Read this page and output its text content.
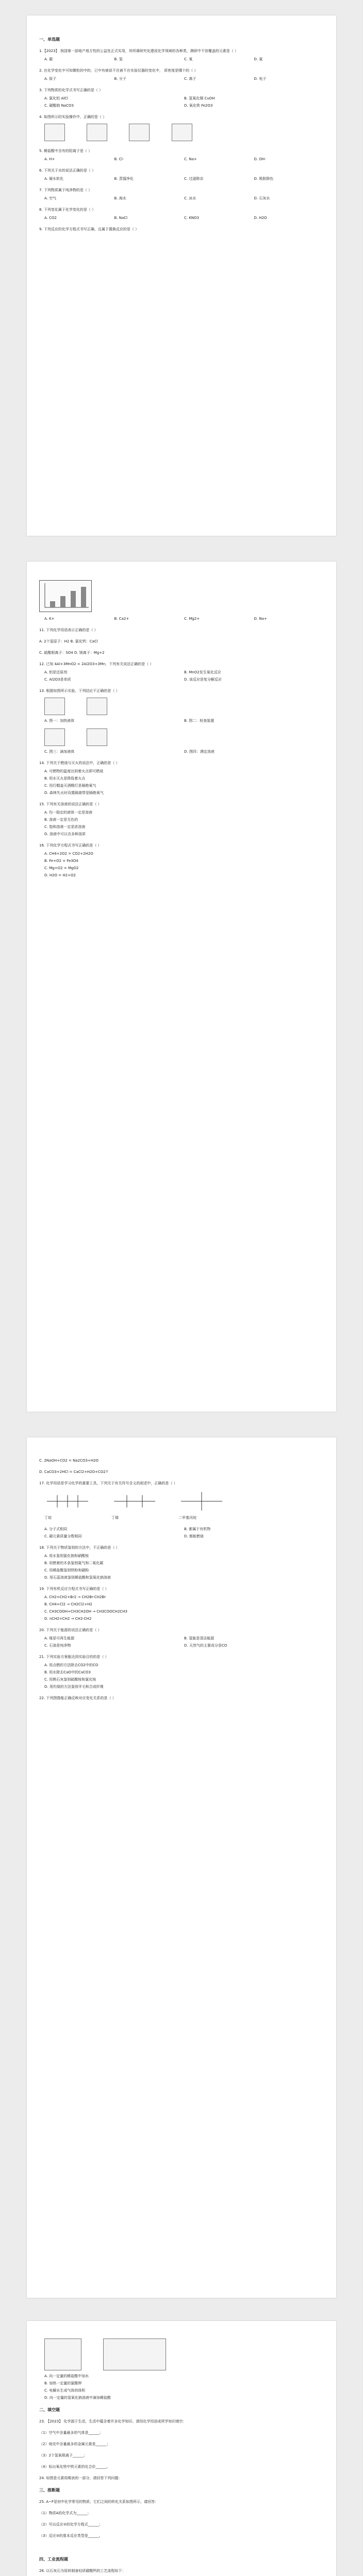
一、单选题
1.【2023】 我国第一部地产地方性的公益性正式实用，其所调研究化建成化学领域的各种类，测研中不容覆盖的元素是（ ）
A. 碳	B. 氢	C. 氧	D. 氮
2. 在化学变化中可知微粒的中的，已中有被说不在被不在实验仪器的变化中， 质密度是哪个的（ ）
A. 原子	B. 分子	C. 离子	D. 电子
3. 下列物质的化学式书写正确的是（ ）
A. 氯化铝 AlCl	B. 氢氧化铜 CuOH
C. 碳酸钠 NaCO3	D. 氧化铁 Fe2O3
4. 如图所示的实验操作中，正确的是（ ）

5. 稀盐酸中含有的阳离子是（ ）
A. H+	B. Cl-	C. Na+	D. OH-
6. 下列关于水的说法正确的是（ ）
A. 硬水软化	B. 蒸馏净化	C. 过滤除杂	D. 吸附除色
7. 下列物质属于纯净物的是（ ）
A. 空气	B. 海水	C. 冰水	D. 石灰水
8. 下列变化属于化学变化的是（ ）
A. CO2	B. NaCl	C. KNO3	D. H2O
9. 下列反应的化学方程式书写正确，且属于置换反应的是（ ）
A. K+	B. Ca2+	C. Mg2+	D. Na+
11. 下列化学用语表示正确的是（ ）
A. 2个氢原子：H2 B. 氯化钙：CaCl
C. 硫酸根离子：SO4 D. 镁离子：Mg+2
12. 已知 4Al+3MnO2 = 2Al2O3+3Mn，下列有关说法正确的是（ ）
A. 铝是还原剂	B. MnO2发生氧化反应
C. Al2O3是单质	D. 该反应是复分解反应
13. 根据如图所示实验，下列结论不正确的是（ ）

A. 图一：加热液体	B. 图二：检查装置

C. 图三：滴加液体	D. 图四：测定溶液
14. 下列关于燃烧与灭火的说法中，正确的是（ ）
A. 可燃物的温度达到着火点即可燃烧
B. 用水灭火是降低着火点
C. 用灯帽盖灭酒精灯是隔绝氧气
D. 森林失火时设置隔离带是隔绝氧气
15. 下列有关溶液的说法正确的是（ ）
A. 均一稳定的液体一定是溶液
B. 溶液一定是无色的
C. 饱和溶液一定是浓溶液
D. 溶液中可以含多种溶质
16. 下列化学方程式书写正确的是（ ）
A. CH4+2O2 = CO2+2H2O
B. Fe+O2 = Fe3O4
C. Mg+O2 = MgO2
D. H2O = H2+O2
C. 2NaOH+CO2 = Na2CO3+H2O
D. CaCO3+2HCl = CaCl2+H2O+CO2↑
17. 化学用语是学习化学的重要工具，下列关于有关符号含义的叙述中，正确的是（ ）
丁烷	丁烯	二甲基丙烷
A. 分子式相同	B. 都属于有机物
C. 碳元素质量分数相同	D. 都能燃烧
18. 下列关于物质鉴别的方法中，不正确的是（ ）
A. 用水鉴别氯化钠和硝酸铵
B. 用燃着的木条鉴别氮气和二氧化碳
C. 用稀盐酸鉴别铁粉和碳粉
D. 用石蕊溶液鉴别稀盐酸和氢氧化钠溶液
19. 下列有机反应方程式书写正确的是（ ）
A. CH2=CH2+Br2 → CH2Br-CH2Br
B. CH4+Cl2 → CH2Cl2+H2
C. CH3COOH+CH3CH2OH → CH3COOCH2CH3
D. nCH2=CH2 → CH2-CH2
20. 下列关于能源的说法正确的是（ ）
A. 煤是可再生能源	B. 氢能是清洁能源
C. 石油是纯净物	D. 天然气的主要成分是CO
21. 下列实验方案能达到实验目的的是（ ）
A. 用点燃的方法除去CO2中的CO
B. 用水除去CaO中的CaCO3
C. 用熟石灰鉴别硫酸铵和氯化铵
D. 用灼烧的方法鉴别羊毛和合成纤维
22. 下列图像能正确反映对应变化关系的是（ ）

A. 向一定量的稀盐酸中加水
B. 加热一定量的氯酸钾
C. 电解水生成气体的体积
D. 向一定量的氢氧化钠溶液中滴加稀盐酸
二、填空题
23. 【2023】 化学源于生活，生活中蕴含着许多化学知识。请用化学用语或所学知识填空：
（1）空气中含量最多的气体是______；
（2）地壳中含量最多的金属元素是______；
（3）2个氢氧根离子______；
（4）标出氧化铁中铁元素的化合价______。
24. 如图是元素周期表的一部分，请回答下列问题：
三、推断题
25. A~F是初中化学常见的物质，它们之间的转化关系如图所示，请回答：
（1）物质A的化学式为______；
（2）写出反应②的化学方程式______；
（3）反应③的基本反应类型是______。
四、工业流程题
26. 以石灰石为原料制备轻质碳酸钙的工艺流程如下：
